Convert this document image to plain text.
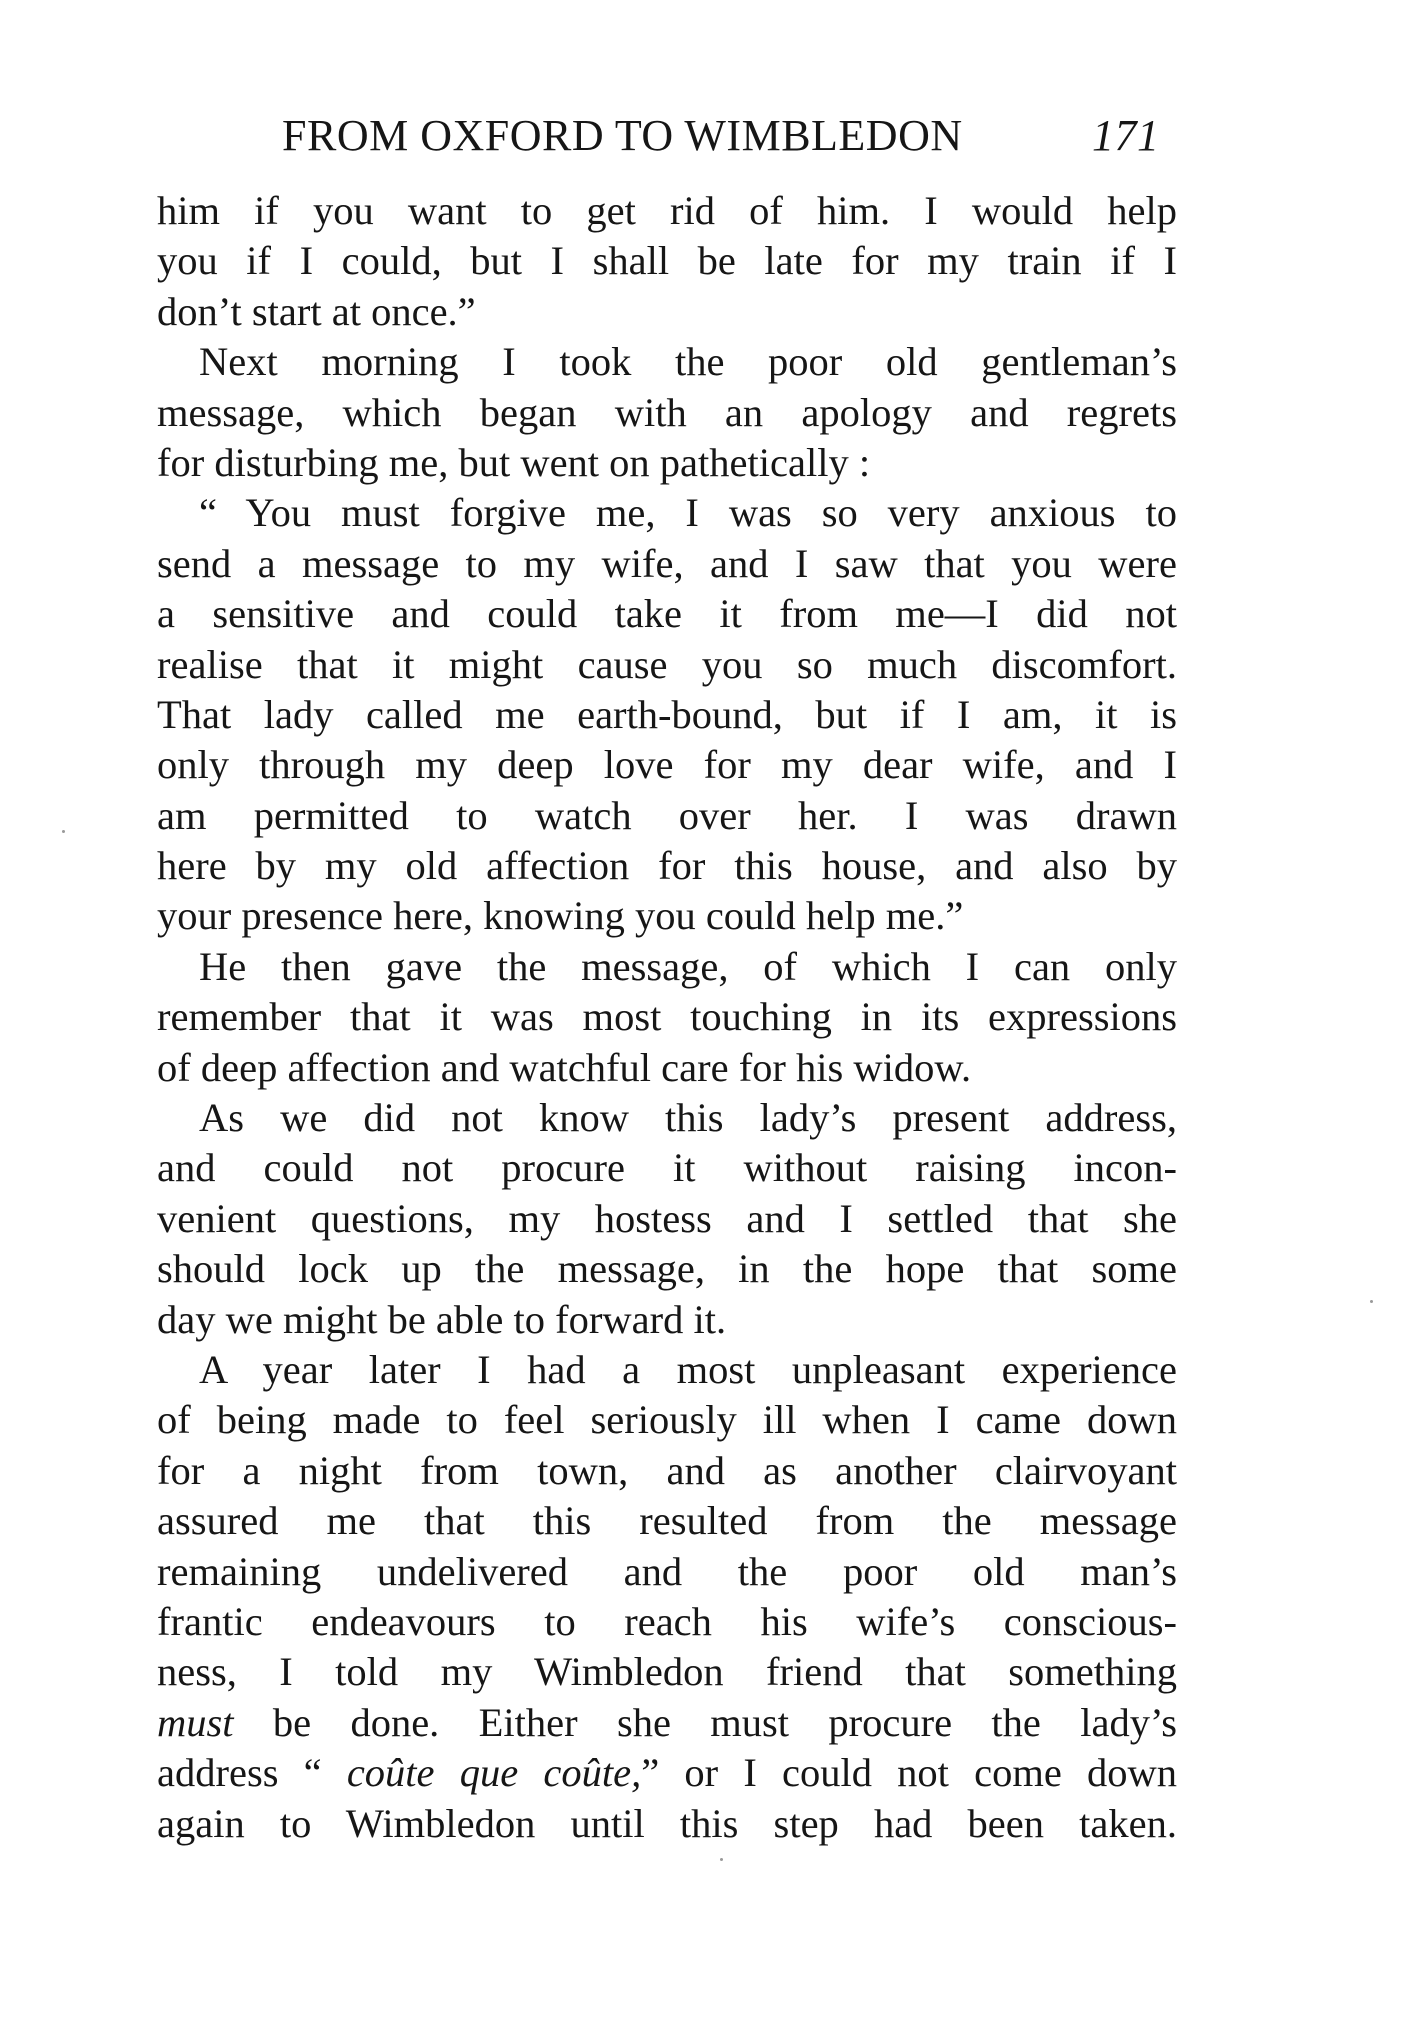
FROM OXFORD TO WIMBLEDON	171
him if you want to get rid of him. I would help
you if I could, but I shall be late for my train if I
don’t start at once.”
Next morning I took the poor old gentleman’s
message, which began with an apology and regrets
for disturbing me, but went on pathetically :
“ You must forgive me, I was so very anxious to
send a message to my wife, and I saw that you were
a sensitive and could take it from me—I did not
realise that it might cause you so much discomfort.
That lady called me earth-bound, but if I am, it is
only through my deep love for my dear wife, and I
am permitted to watch over her. I was drawn
here by my old affection for this house, and also by
your presence here, knowing you could help me.”
He then gave the message, of which I can only
remember that it was most touching in its expressions
of deep affection and watchful care for his widow.
As we did not know this lady’s present address,
and could not procure it without raising incon-
venient questions, my hostess and I settled that she
should lock up the message, in the hope that some
day we might be able to forward it.
A year later I had a most unpleasant experience
of being made to feel seriously ill when I came down
for a night from town, and as another clairvoyant
assured me that this resulted from the message
remaining undelivered and the poor old man’s
frantic endeavours to reach his wife’s conscious-
ness, I told my Wimbledon friend that something
must be done. Either she must procure the lady’s
address “ coûte que coûte,” or I could not come down
again to Wimbledon until this step had been taken.
